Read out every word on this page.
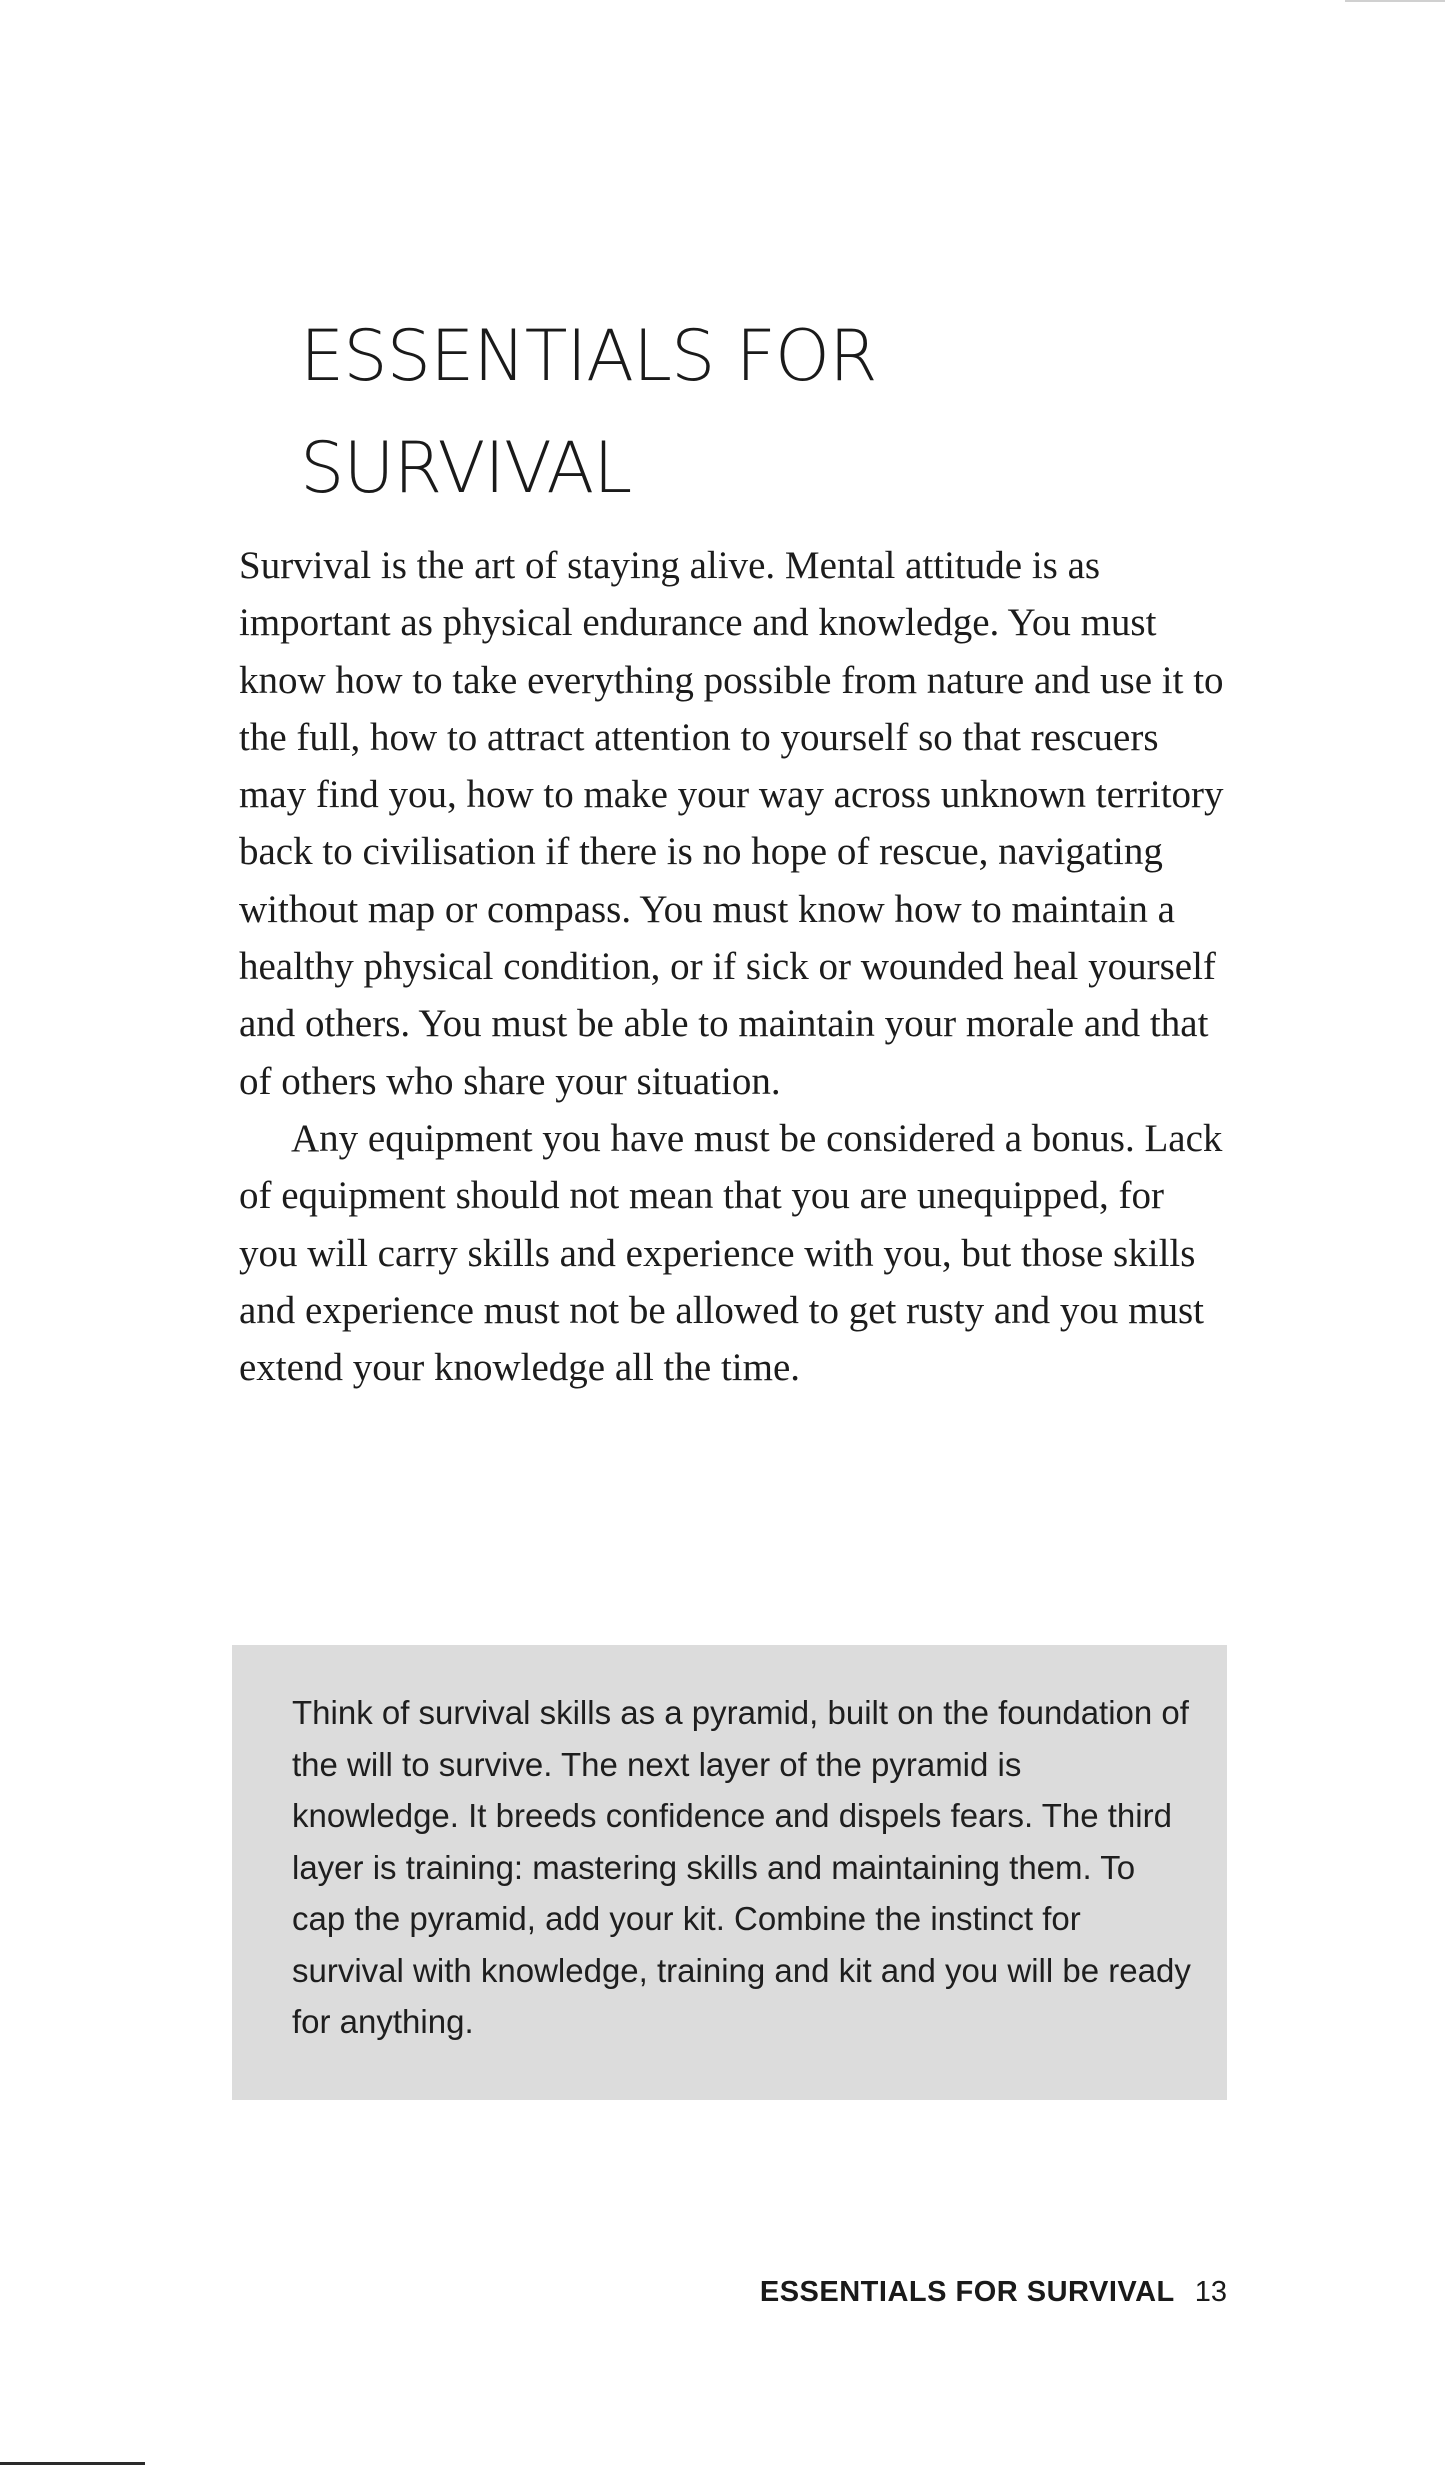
ESSENTIALS FOR
SURVIVAL

Survival is the art of staying alive. Mental attitude is as important as physical endurance and knowledge. You must know how to take everything possible from nature and use it to the full, how to attract attention to yourself so that rescuers may find you, how to make your way across unknown territory back to civilisation if there is no hope of rescue, navigating without map or compass. You must know how to maintain a healthy physical condition, or if sick or wounded heal yourself and others. You must be able to maintain your morale and that of others who share your situation.

Any equipment you have must be considered a bonus. Lack of equipment should not mean that you are unequipped, for you will carry skills and experience with you, but those skills and experience must not be allowed to get rusty and you must extend your knowledge all the time.

Think of survival skills as a pyramid, built on the foundation of the will to survive. The next layer of the pyramid is knowledge. It breeds confidence and dispels fears. The third layer is training: mastering skills and maintaining them. To cap the pyramid, add your kit. Combine the instinct for survival with knowledge, training and kit and you will be ready for anything.

ESSENTIALS FOR SURVIVAL 13
